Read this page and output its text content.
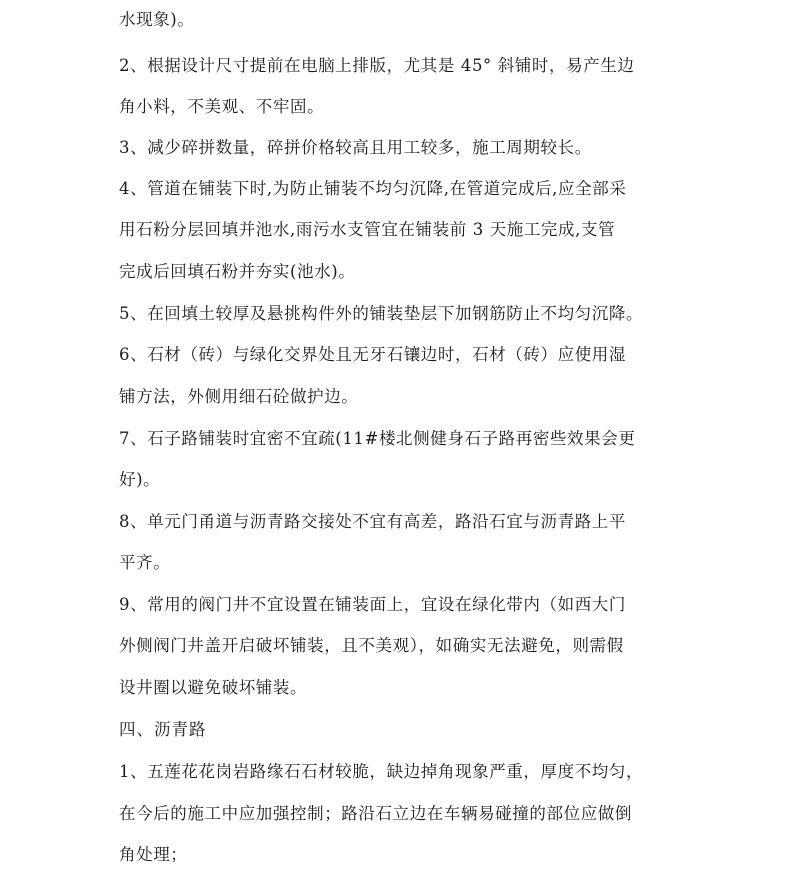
水现象)。
2、根据设计尺寸提前在电脑上排版，尤其是 45° 斜铺时，易产生边
角小料，不美观、不牢固。
3、减少碎拼数量，碎拼价格较高且用工较多，施工周期较长。
4、管道在铺装下时,为防止铺装不均匀沉降,在管道完成后,应全部采
用石粉分层回填并池水,雨污水支管宜在铺装前 3 天施工完成,支管
完成后回填石粉并夯实(池水)。
5、在回填土较厚及悬挑构件外的铺装垫层下加钢筋防止不均匀沉降。
6、石材（砖）与绿化交界处且无牙石镶边时，石材（砖）应使用湿
铺方法，外侧用细石砼做护边。
7、石子路铺装时宜密不宜疏(11#楼北侧健身石子路再密些效果会更
好)。
8、单元门甬道与沥青路交接处不宜有高差，路沿石宜与沥青路上平
平齐。
9、常用的阀门井不宜设置在铺装面上，宜设在绿化带内（如西大门
外侧阀门井盖开启破坏铺装，且不美观），如确实无法避免，则需假
设井圈以避免破坏铺装。
四、沥青路
1、五莲花花岗岩路缘石石材较脆，缺边掉角现象严重，厚度不均匀，
在今后的施工中应加强控制；路沿石立边在车辆易碰撞的部位应做倒
角处理；
